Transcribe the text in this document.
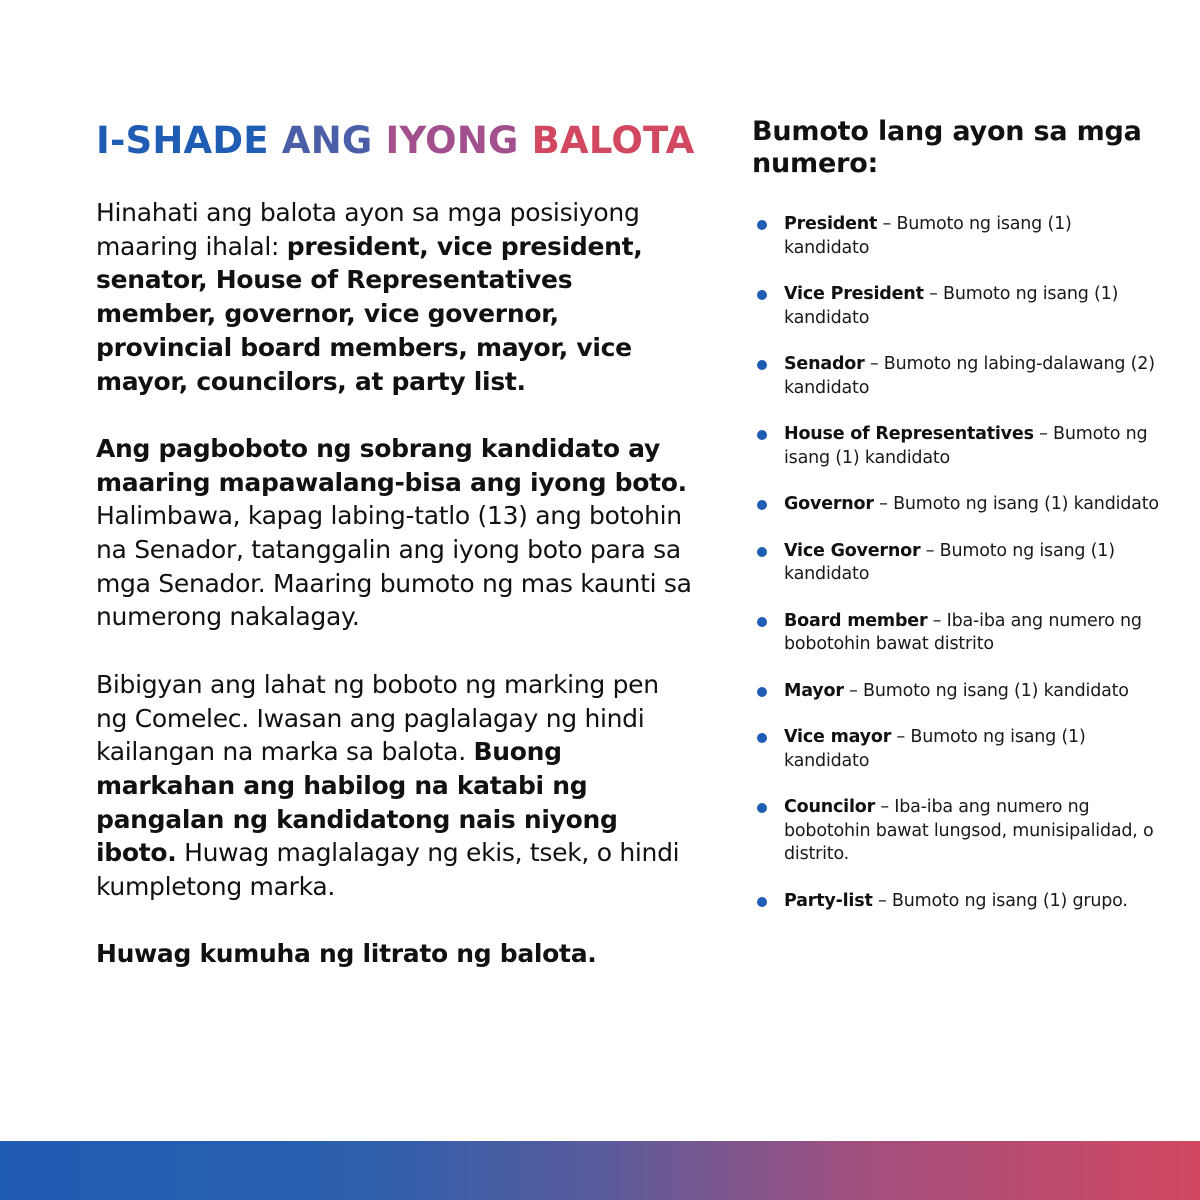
I-SHADE ANG IYONG BALOTA

Hinahati ang balota ayon sa mga posisiyong maaring ihalal: president, vice president, senator, House of Representatives member, governor, vice governor, provincial board members, mayor, vice mayor, councilors, at party list.

Ang pagboboto ng sobrang kandidato ay maaring mapawalang-bisa ang iyong boto. Halimbawa, kapag labing-tatlo (13) ang botohin na Senador, tatanggalin ang iyong boto para sa mga Senador. Maaring bumoto ng mas kaunti sa numerong nakalagay.

Bibigyan ang lahat ng boboto ng marking pen ng Comelec. Iwasan ang paglalagay ng hindi kailangan na marka sa balota. Buong markahan ang habilog na katabi ng pangalan ng kandidatong nais niyong iboto. Huwag maglalagay ng ekis, tsek, o hindi kumpletong marka.

Huwag kumuha ng litrato ng balota.

Bumoto lang ayon sa mga numero:
President – Bumoto ng isang (1) kandidato
Vice President – Bumoto ng isang (1) kandidato
Senador – Bumoto ng labing-dalawang (2) kandidato
House of Representatives – Bumoto ng isang (1) kandidato
Governor – Bumoto ng isang (1) kandidato
Vice Governor – Bumoto ng isang (1) kandidato
Board member – Iba-iba ang numero ng bobotohin bawat distrito
Mayor – Bumoto ng isang (1) kandidato
Vice mayor – Bumoto ng isang (1) kandidato
Councilor – Iba-iba ang numero ng bobotohin bawat lungsod, munisipalidad, o distrito.
Party-list – Bumoto ng isang (1) grupo.
